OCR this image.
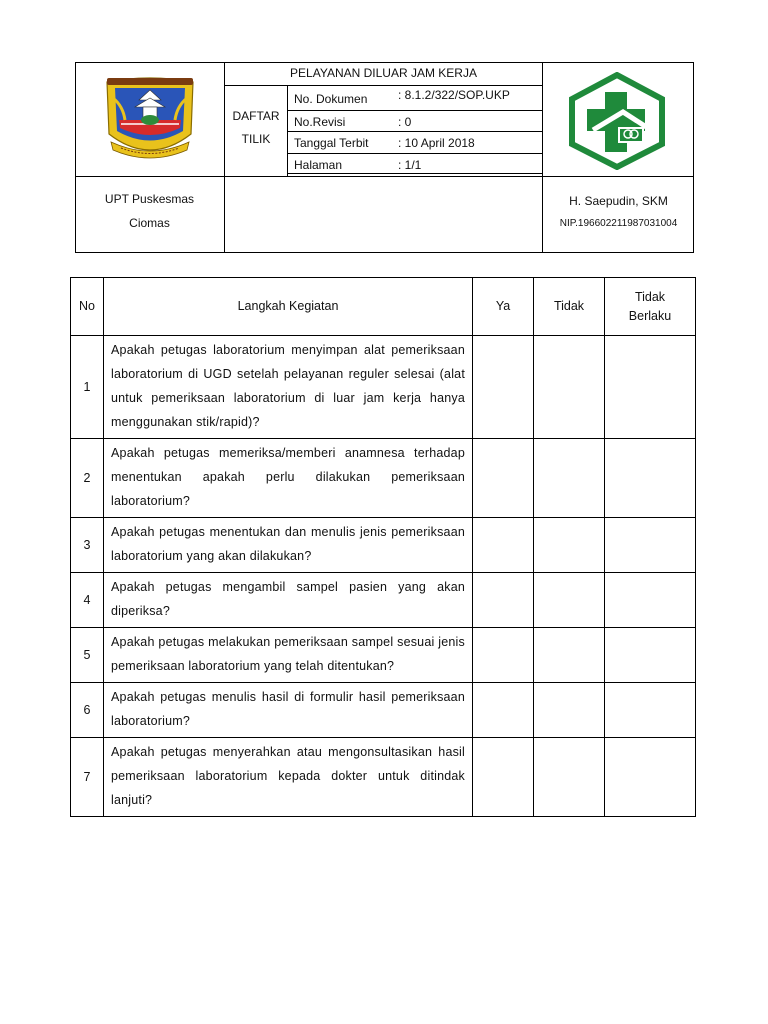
PELAYANAN DILUAR JAM KERJA
DAFTAR
TILIK
No. Dokumen	: 8.1.2/322/SOP.UKP
No.Revisi	: 0
Tanggal Terbit : 10 April 2018
Halaman	: 1/1
UPT Puskesmas
Ciomas
H. Saepudin, SKM
NIP.196602211987031004
No	Langkah Kegiatan	Ya	Tidak	Tidak
Berlaku

1	Apakah petugas laboratorium menyimpan alat pemeriksaan laboratorium di UGD setelah pelayanan reguler selesai (alat untuk pemeriksaan laboratorium di luar jam kerja hanya menggunakan stik/rapid)?			
2	Apakah petugas memeriksa/memberi anamnesa terhadap menentukan apakah perlu dilakukan pemeriksaan laboratorium?			
3	Apakah petugas menentukan dan menulis jenis pemeriksaan laboratorium yang akan dilakukan?			
4	Apakah petugas mengambil sampel pasien yang akan diperiksa?			
5	Apakah petugas melakukan pemeriksaan sampel sesuai jenis pemeriksaan laboratorium yang telah ditentukan?			
6	Apakah petugas menulis hasil di formulir hasil pemeriksaan laboratorium?			
7	Apakah petugas menyerahkan atau mengonsultasikan hasil pemeriksaan laboratorium kepada dokter untuk ditindak lanjuti?			
